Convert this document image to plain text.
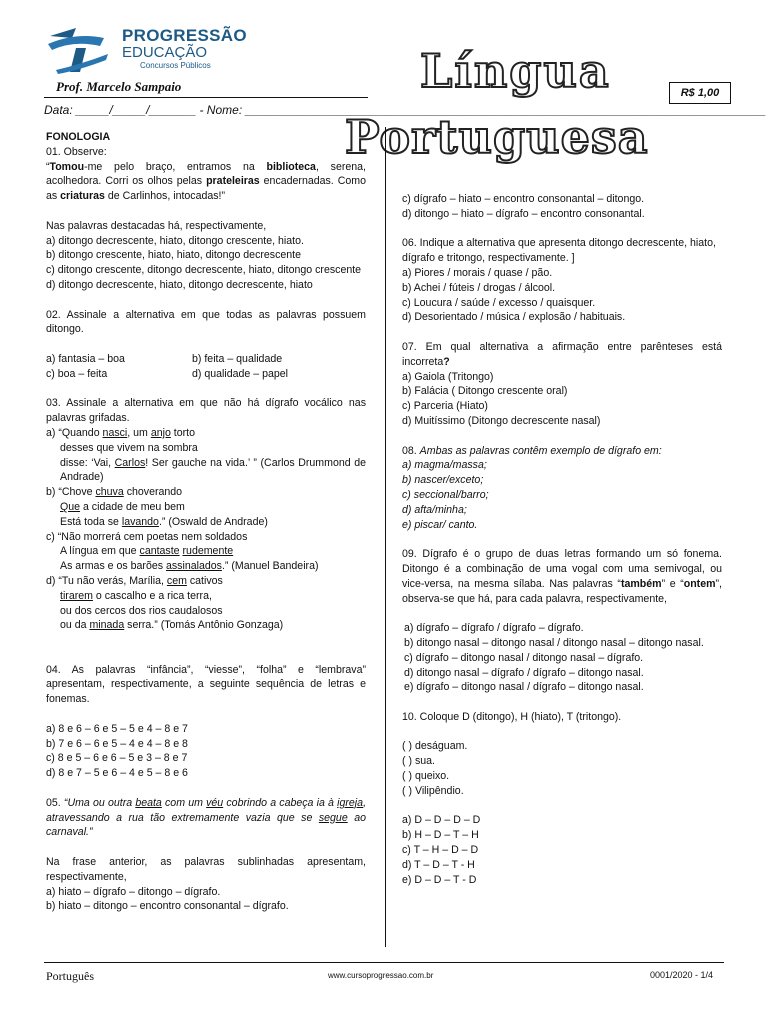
PROGRESSÃO
EDUCAÇÃO
Concursos Públicos
Prof. Marcelo Sampaio	Língua
Portuguesa
R$ 1,00
Data: _____/_____/_______ - Nome: ______________________________________________________________________________

FONOLOGIA

01. Observe:

“Tomou-me pelo braço, entramos na biblioteca, serena, acolhedora. Corri os olhos pelas prateleiras encadernadas. Como as criaturas de Carlinhos, intocadas!”

Nas palavras destacadas há, respectivamente,

a) ditongo decrescente, hiato, ditongo crescente, hiato.

b) ditongo crescente, hiato, hiato, ditongo decrescente

c) ditongo crescente, ditongo decrescente, hiato, ditongo crescente

d) ditongo decrescente, hiato, ditongo decrescente, hiato

02. Assinale a alternativa em que todas as palavras possuem ditongo.

a) fantasia – boa	b) feita – qualidade

c) boa – feita	d) qualidade – papel

03. Assinale a alternativa em que não há dígrafo vocálico nas palavras grifadas.

a) “Quando nasci, um anjo torto

desses que vivem na sombra

disse: ‘Vai, Carlos! Ser gauche na vida.’ ” (Carlos Drummond de Andrade)

b) “Chove chuva choverando

Que a cidade de meu bem

Está toda se lavando.” (Oswald de Andrade)

c) “Não morrerá cem poetas nem soldados

A língua em que cantaste rudemente

As armas e os barões assinalados.” (Manuel Bandeira)

d) “Tu não verás, Marília, cem cativos

tirarem o cascalho e a rica terra,

ou dos cercos dos rios caudalosos

ou da minada serra.” (Tomás Antônio Gonzaga)

04. As palavras “infância”, “viesse”, “folha” e “lembrava” apresentam, respectivamente, a seguinte sequência de letras e fonemas.

a) 8 e 6 – 6 e 5 – 5 e 4 – 8 e 7

b) 7 e 6 – 6 e 5 – 4 e 4 – 8 e 8

c) 8 e 5 – 6 e 6 – 5 e 3 – 8 e 7

d) 8 e 7 – 5 e 6 – 4 e 5 – 8 e 6

05. “Uma ou outra beata com um véu cobrindo a cabeça ia à igreja, atravessando a rua tão extremamente vazia que se segue ao carnaval.”

Na frase anterior, as palavras sublinhadas apresentam, respectivamente,

a) hiato – dígrafo – ditongo – dígrafo.

b) hiato – ditongo – encontro consonantal – dígrafo.

c) dígrafo – hiato – encontro consonantal – ditongo.

d) ditongo – hiato – dígrafo – encontro consonantal.

06. Indique a alternativa que apresenta ditongo decrescente, hiato, dígrafo e tritongo, respectivamente. ]

a) Piores / morais / quase / pão.

b) Achei / fúteis / drogas / álcool.

c) Loucura / saúde / excesso / quaisquer.

d) Desorientado / música / explosão / habituais.

07. Em qual alternativa a afirmação entre parênteses está incorreta?

a) Gaiola (Tritongo)

b) Falácia ( Ditongo crescente oral)

c) Parceria (Hiato)

d) Muitíssimo (Ditongo decrescente nasal)

08. Ambas as palavras contêm exemplo de dígrafo em:

a) magma/massa;

b) nascer/exceto;

c) seccional/barro;

d) afta/minha;

e) piscar/ canto.

09. Dígrafo é o grupo de duas letras formando um só fonema. Ditongo é a combinação de uma vogal com uma semivogal, ou vice-versa, na mesma sílaba. Nas palavras “também” e “ontem”, observa-se que há, para cada palavra, respectivamente,

a) dígrafo – dígrafo / dígrafo – dígrafo.

b) ditongo nasal – ditongo nasal / ditongo nasal – ditongo nasal.

c) dígrafo – ditongo nasal / ditongo nasal – dígrafo.

d) ditongo nasal – dígrafo / dígrafo – ditongo nasal.

e) dígrafo – ditongo nasal / dígrafo – ditongo nasal.

10. Coloque D (ditongo), H (hiato), T (tritongo).

( ) deságuam.

( ) sua.

( ) queixo.

( ) Vilipêndio.

a) D – D – D – D

b) H – D – T – H

c) T – H – D – D

d) T – D – T - H

e) D – D – T - D

Português	www.cursoprogressao.com.br	0001/2020 - 1/4
